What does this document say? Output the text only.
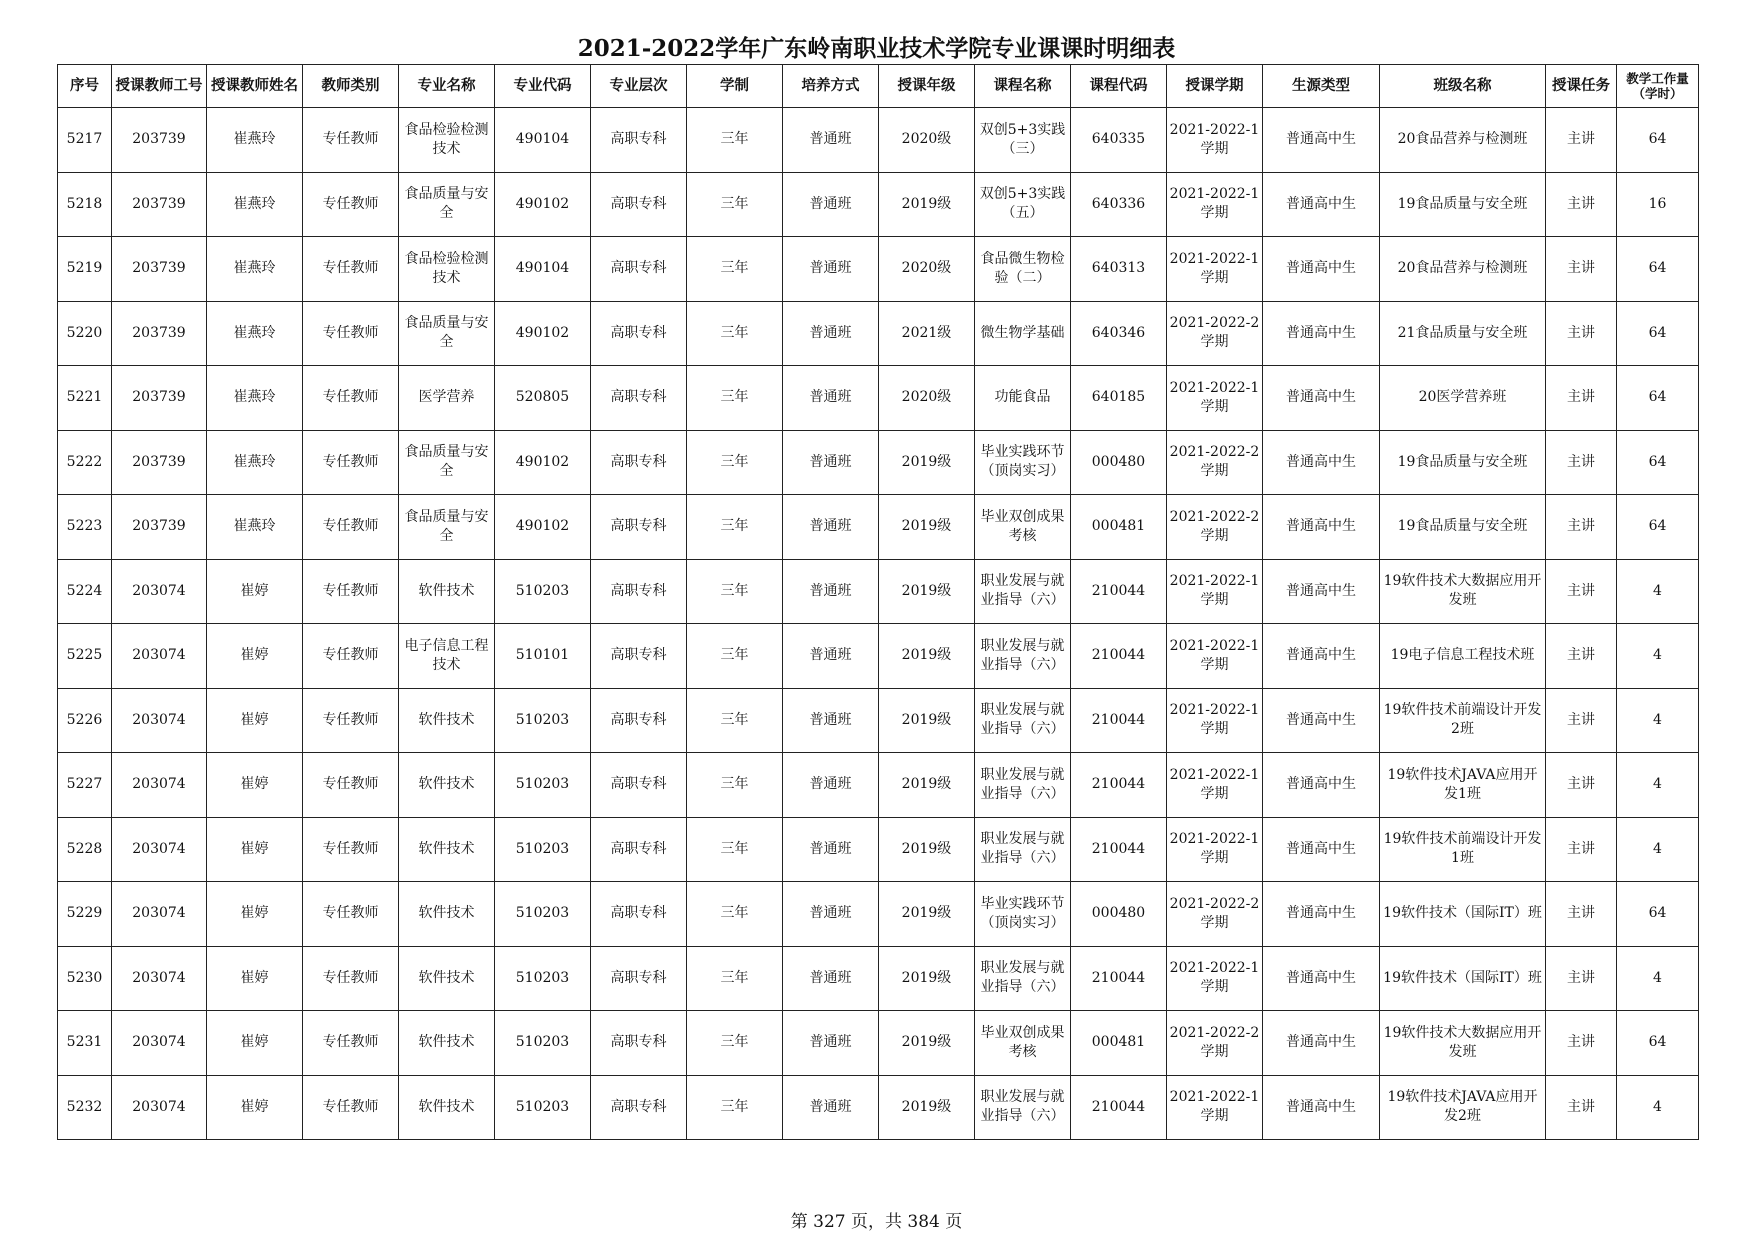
2021-2022学年广东岭南职业技术学院专业课课时明细表
序号	授课教师工号	授课教师姓名	教师类别	专业名称	专业代码	专业层次	学制	培养方式	授课年级	课程名称	课程代码	授课学期	生源类型	班级名称	授课任务	教学工作量（学时）
5217	203739	崔燕玲	专任教师	食品检验检测技术	490104	高职专科	三年	普通班	2020级	双创5+3实践（三）	640335	2021-2022-1学期	普通高中生	20食品营养与检测班	主讲	64
5218	203739	崔燕玲	专任教师	食品质量与安全	490102	高职专科	三年	普通班	2019级	双创5+3实践（五）	640336	2021-2022-1学期	普通高中生	19食品质量与安全班	主讲	16
5219	203739	崔燕玲	专任教师	食品检验检测技术	490104	高职专科	三年	普通班	2020级	食品微生物检验（二）	640313	2021-2022-1学期	普通高中生	20食品营养与检测班	主讲	64
5220	203739	崔燕玲	专任教师	食品质量与安全	490102	高职专科	三年	普通班	2021级	微生物学基础	640346	2021-2022-2学期	普通高中生	21食品质量与安全班	主讲	64
5221	203739	崔燕玲	专任教师	医学营养	520805	高职专科	三年	普通班	2020级	功能食品	640185	2021-2022-1学期	普通高中生	20医学营养班	主讲	64
5222	203739	崔燕玲	专任教师	食品质量与安全	490102	高职专科	三年	普通班	2019级	毕业实践环节（顶岗实习）	000480	2021-2022-2学期	普通高中生	19食品质量与安全班	主讲	64
5223	203739	崔燕玲	专任教师	食品质量与安全	490102	高职专科	三年	普通班	2019级	毕业双创成果考核	000481	2021-2022-2学期	普通高中生	19食品质量与安全班	主讲	64
5224	203074	崔婷	专任教师	软件技术	510203	高职专科	三年	普通班	2019级	职业发展与就业指导（六）	210044	2021-2022-1学期	普通高中生	19软件技术大数据应用开发班	主讲	4
5225	203074	崔婷	专任教师	电子信息工程技术	510101	高职专科	三年	普通班	2019级	职业发展与就业指导（六）	210044	2021-2022-1学期	普通高中生	19电子信息工程技术班	主讲	4
5226	203074	崔婷	专任教师	软件技术	510203	高职专科	三年	普通班	2019级	职业发展与就业指导（六）	210044	2021-2022-1学期	普通高中生	19软件技术前端设计开发2班	主讲	4
5227	203074	崔婷	专任教师	软件技术	510203	高职专科	三年	普通班	2019级	职业发展与就业指导（六）	210044	2021-2022-1学期	普通高中生	19软件技术JAVA应用开发1班	主讲	4
5228	203074	崔婷	专任教师	软件技术	510203	高职专科	三年	普通班	2019级	职业发展与就业指导（六）	210044	2021-2022-1学期	普通高中生	19软件技术前端设计开发1班	主讲	4
5229	203074	崔婷	专任教师	软件技术	510203	高职专科	三年	普通班	2019级	毕业实践环节（顶岗实习）	000480	2021-2022-2学期	普通高中生	19软件技术（国际IT）班	主讲	64
5230	203074	崔婷	专任教师	软件技术	510203	高职专科	三年	普通班	2019级	职业发展与就业指导（六）	210044	2021-2022-1学期	普通高中生	19软件技术（国际IT）班	主讲	4
5231	203074	崔婷	专任教师	软件技术	510203	高职专科	三年	普通班	2019级	毕业双创成果考核	000481	2021-2022-2学期	普通高中生	19软件技术大数据应用开发班	主讲	64
5232	203074	崔婷	专任教师	软件技术	510203	高职专科	三年	普通班	2019级	职业发展与就业指导（六）	210044	2021-2022-1学期	普通高中生	19软件技术JAVA应用开发2班	主讲	4
第 327 页，共 384 页
